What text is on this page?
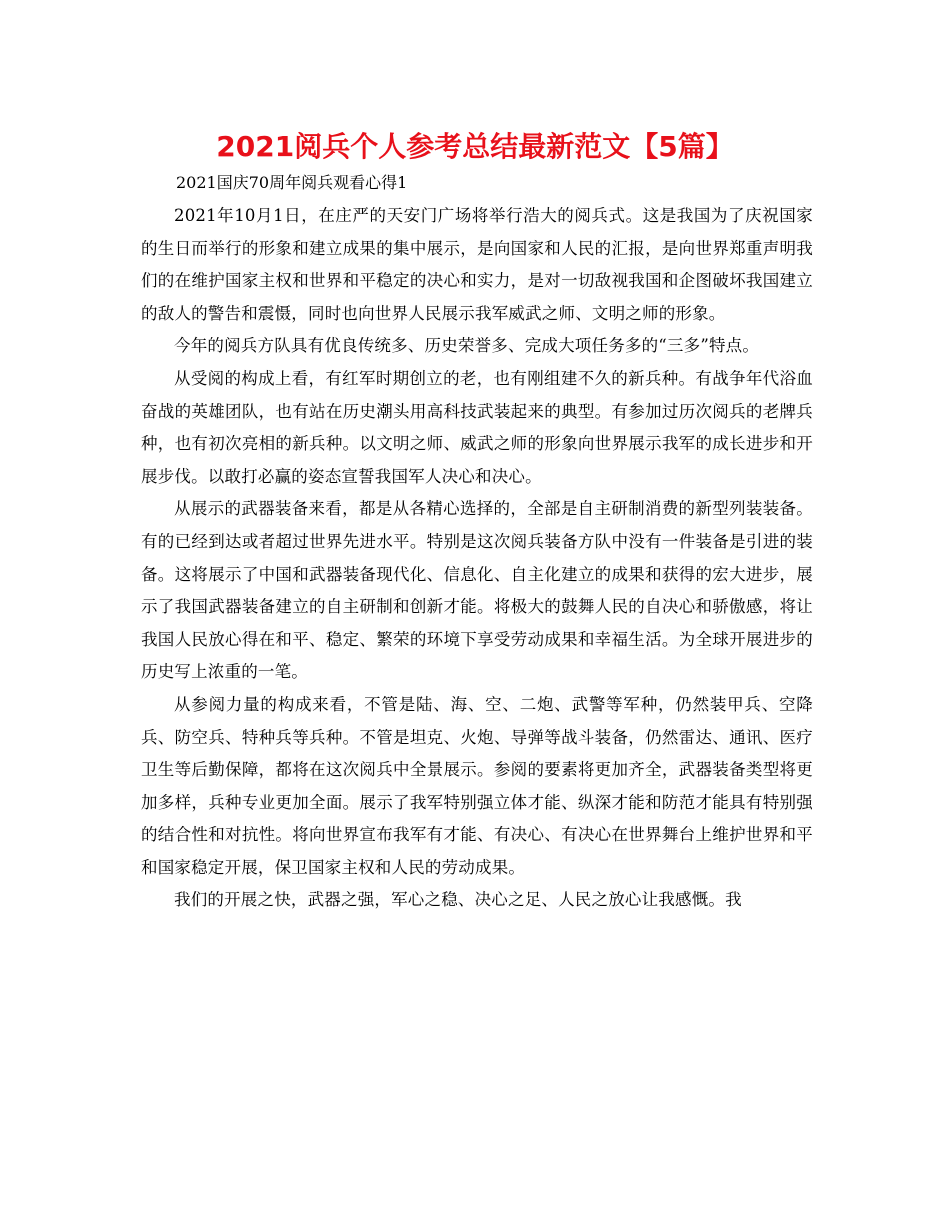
2021阅兵个人参考总结最新范文【5篇】

2021国庆70周年阅兵观看心得1

2021年10月1日，在庄严的天安门广场将举行浩大的阅兵式。这是我国为了庆祝国家的生日而举行的形象和建立成果的集中展示，是向国家和人民的汇报，是向世界郑重声明我们的在维护国家主权和世界和平稳定的决心和实力，是对一切敌视我国和企图破坏我国建立的敌人的警告和震慑，同时也向世界人民展示我军威武之师、文明之师的形象。

今年的阅兵方队具有优良传统多、历史荣誉多、完成大项任务多的“三多”特点。

从受阅的构成上看，有红军时期创立的老，也有刚组建不久的新兵种。有战争年代浴血奋战的英雄团队，也有站在历史潮头用高科技武装起来的典型。有参加过历次阅兵的老牌兵种，也有初次亮相的新兵种。以文明之师、威武之师的形象向世界展示我军的成长进步和开展步伐。以敢打必赢的姿态宣誓我国军人决心和决心。

从展示的武器装备来看，都是从各精心选择的，全部是自主研制消费的新型列装装备。有的已经到达或者超过世界先进水平。特别是这次阅兵装备方队中没有一件装备是引进的装备。这将展示了中国和武器装备现代化、信息化、自主化建立的成果和获得的宏大进步，展示了我国武器装备建立的自主研制和创新才能。将极大的鼓舞人民的自决心和骄傲感，将让我国人民放心得在和平、稳定、繁荣的环境下享受劳动成果和幸福生活。为全球开展进步的历史写上浓重的一笔。

从参阅力量的构成来看，不管是陆、海、空、二炮、武警等军种，仍然装甲兵、空降兵、防空兵、特种兵等兵种。不管是坦克、火炮、导弹等战斗装备，仍然雷达、通讯、医疗卫生等后勤保障，都将在这次阅兵中全景展示。参阅的要素将更加齐全，武器装备类型将更加多样，兵种专业更加全面。展示了我军特别强立体才能、纵深才能和防范才能具有特别强的结合性和对抗性。将向世界宣布我军有才能、有决心、有决心在世界舞台上维护世界和平和国家稳定开展，保卫国家主权和人民的劳动成果。

我们的开展之快，武器之强，军心之稳、决心之足、人民之放心让我感慨。我
